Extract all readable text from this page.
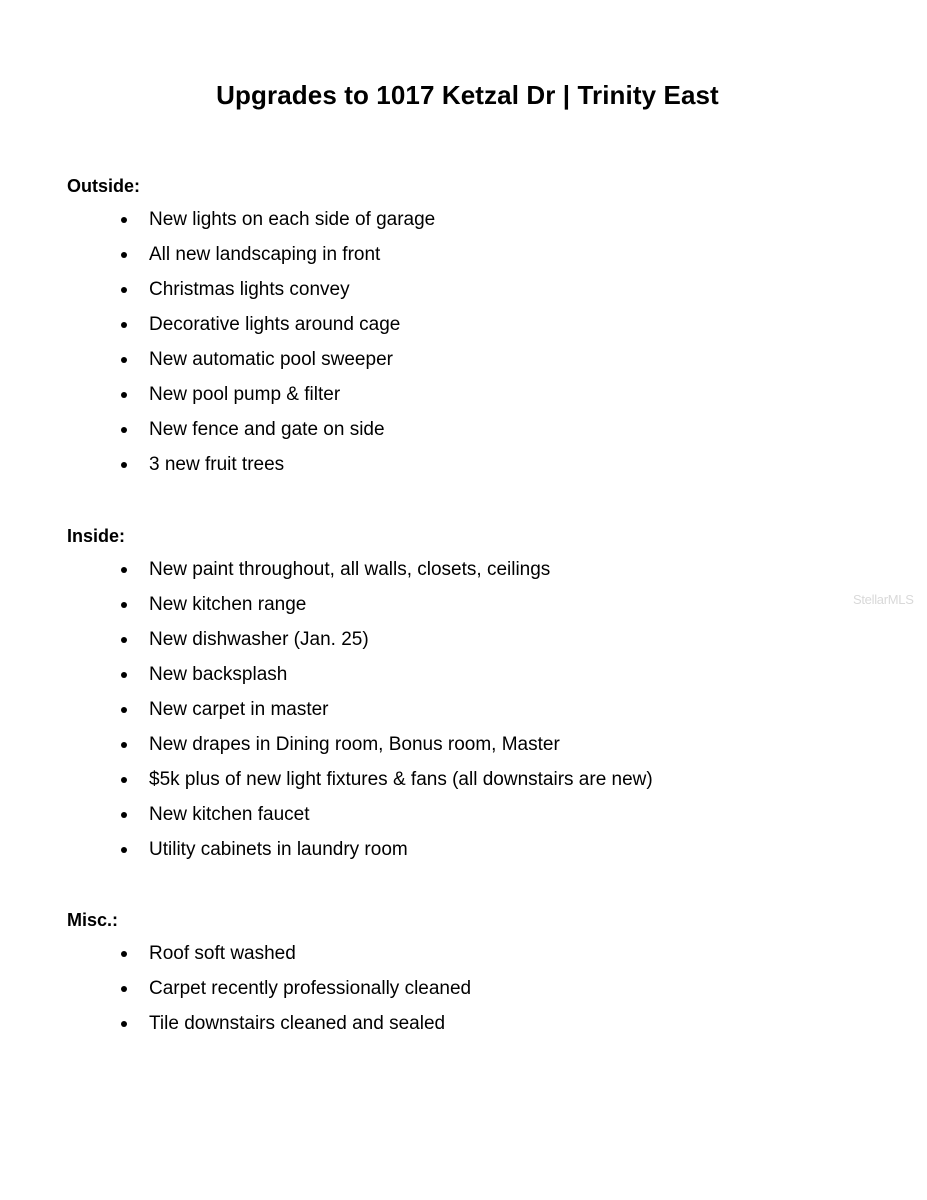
Upgrades to 1017 Ketzal Dr | Trinity East
Outside:
New lights on each side of garage
All new landscaping in front
Christmas lights convey
Decorative lights around cage
New automatic pool sweeper
New pool pump & filter
New fence and gate on side
3 new fruit trees
Inside:
New paint throughout, all walls, closets, ceilings
New kitchen range
New dishwasher (Jan. 25)
New backsplash
New carpet in master
New drapes in Dining room, Bonus room, Master
$5k plus of new light fixtures & fans (all downstairs are new)
New kitchen faucet
Utility cabinets in laundry room
Misc.:
Roof soft washed
Carpet recently professionally cleaned
Tile downstairs cleaned and sealed
StellarMLS
